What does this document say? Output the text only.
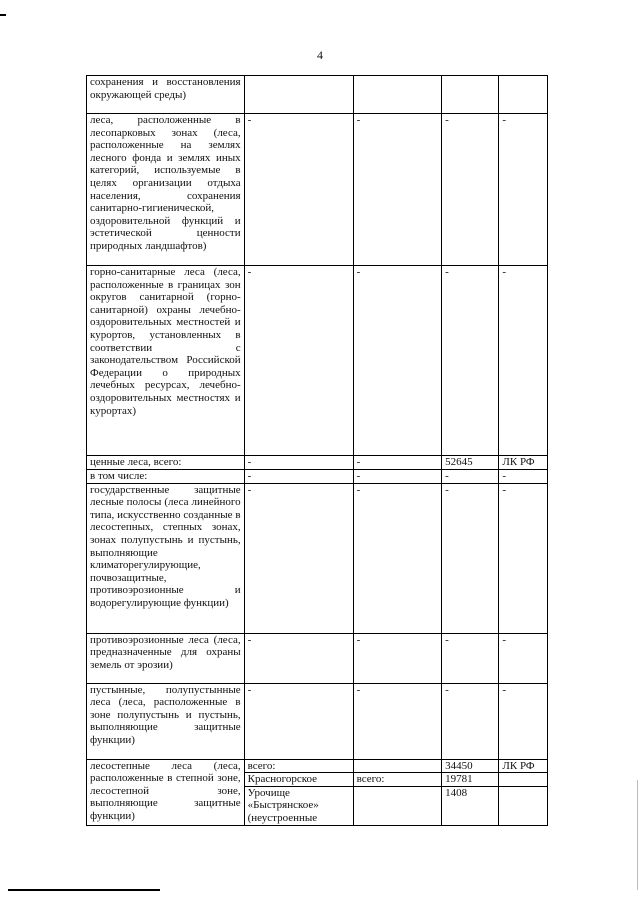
4
сохранения и восстановления окружающей среды)				
леса, расположенные в лесопарковых зонах (леса, расположенные на землях лесного фонда и землях иных категорий, используемые в целях организации отдыха населения, сохранения санитарно-гигиенической, оздоровительной функций и эстетической ценности природных ландшафтов)	-	-	-	-
горно-санитарные леса (леса, расположенные в границах зон округов санитарной (горно-санитарной) охраны лечебно-оздоровительных местностей и курортов, установленных в соответствии с законодательством Российской Федерации о природных лечебных ресурсах, лечебно-оздоровительных местностях и курортах)	-	-	-	-
ценные леса, всего:	-	-	52645	ЛК РФ
в том числе:	-	-	-	-
государственные защитные лесные полосы (леса линейного типа, искусственно созданные в лесостепных, степных зонах, зонах полупустынь и пустынь, выполняющие климаторегулирующие, почвозащитные, противоэрозионные и водорегулирующие функции)	-	-	-	-
противоэрозионные леса (леса, предназначенные для охраны земель от эрозии)	-	-	-	-
пустынные, полупустынные леса (леса, расположенные в зоне полупустынь и пустынь, выполняющие защитные функции)	-	-	-	-
лесостепные леса (леса, расположенные в степной зоне, лесостепной зоне, выполняющие защитные функции)	всего:		34450	ЛК РФ
	Красногорское	всего:	19781	
	Урочище «Быстрянское» (неустроенные		1408	
